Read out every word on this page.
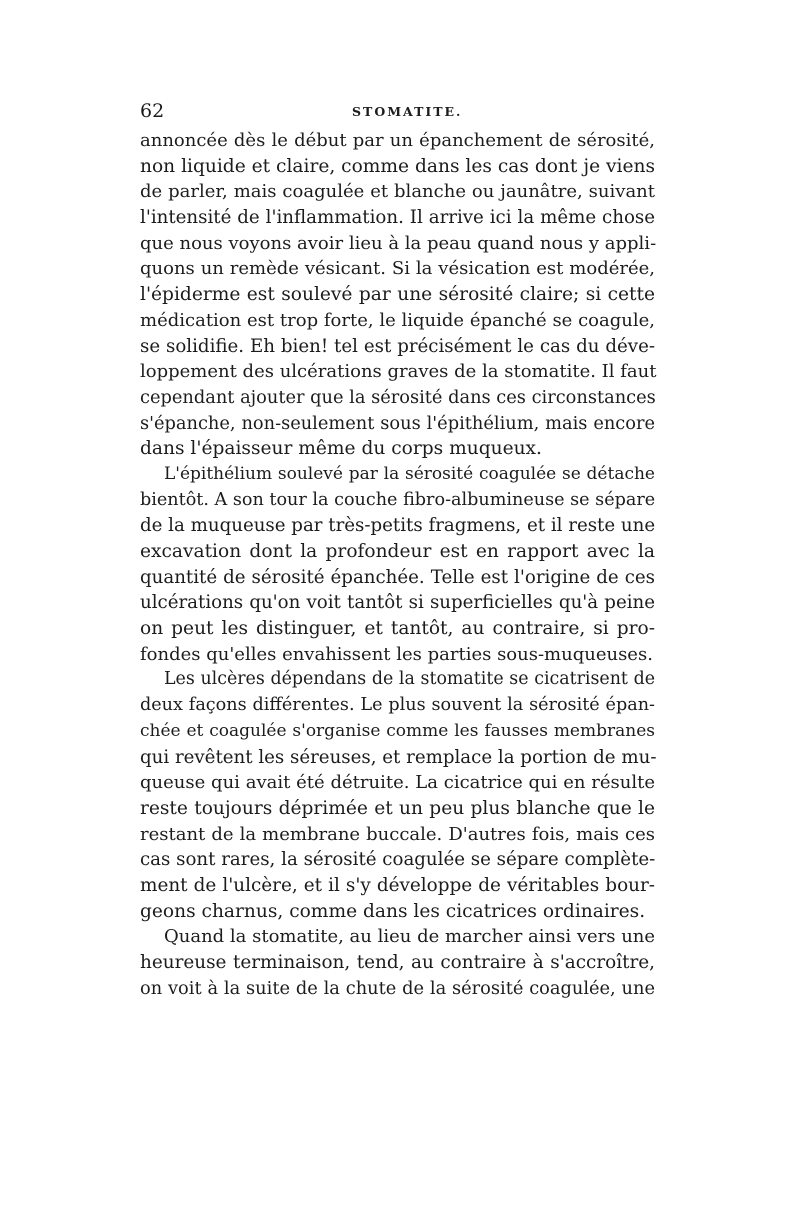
62	STOMATITE.
annoncée dès le début par un épanchement de sérosité,
non liquide et claire, comme dans les cas dont je viens
de parler, mais coagulée et blanche ou jaunâtre, suivant
l'intensité de l'inflammation. Il arrive ici la même chose
que nous voyons avoir lieu à la peau quand nous y appli-
quons un remède vésicant. Si la vésication est modérée,
l'épiderme est soulevé par une sérosité claire; si cette
médication est trop forte, le liquide épanché se coagule,
se solidifie. Eh bien! tel est précisément le cas du déve-
loppement des ulcérations graves de la stomatite. Il faut
cependant ajouter que la sérosité dans ces circonstances
s'épanche, non-seulement sous l'épithélium, mais encore
dans l'épaisseur même du corps muqueux.
L'épithélium soulevé par la sérosité coagulée se détache
bientôt. A son tour la couche fibro-albumineuse se sépare
de la muqueuse par très-petits fragmens, et il reste une
excavation dont la profondeur est en rapport avec la
quantité de sérosité épanchée. Telle est l'origine de ces
ulcérations qu'on voit tantôt si superficielles qu'à peine
on peut les distinguer, et tantôt, au contraire, si pro-
fondes qu'elles envahissent les parties sous-muqueuses.
Les ulcères dépendans de la stomatite se cicatrisent de
deux façons différentes. Le plus souvent la sérosité épan-
chée et coagulée s'organise comme les fausses membranes
qui revêtent les séreuses, et remplace la portion de mu-
queuse qui avait été détruite. La cicatrice qui en résulte
reste toujours déprimée et un peu plus blanche que le
restant de la membrane buccale. D'autres fois, mais ces
cas sont rares, la sérosité coagulée se sépare complète-
ment de l'ulcère, et il s'y développe de véritables bour-
geons charnus, comme dans les cicatrices ordinaires.
Quand la stomatite, au lieu de marcher ainsi vers une
heureuse terminaison, tend, au contraire à s'accroître,
on voit à la suite de la chute de la sérosité coagulée, une
